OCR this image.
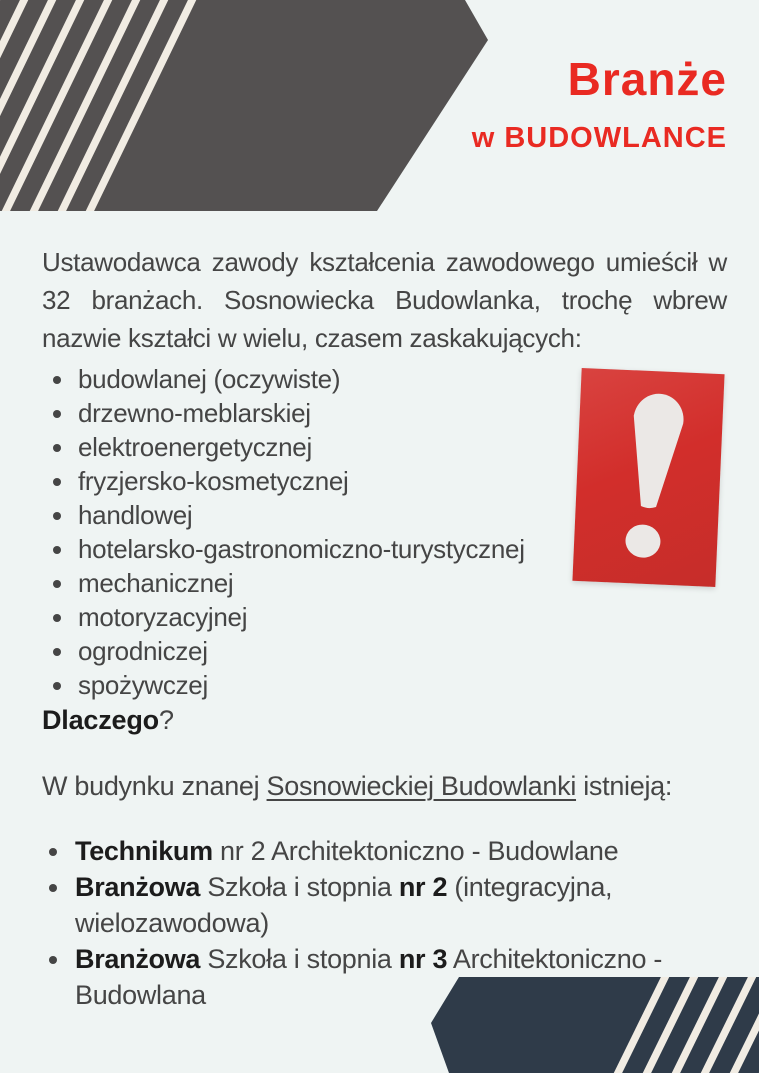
Branże
w BUDOWLANCE

Ustawodawca zawody kształcenia zawodowego umieścił w 32 branżach. Sosnowiecka Budowlanka, trochę wbrew nazwie kształci w wielu, czasem zaskakujących:

• budowlanej (oczywiste)
• drzewno-meblarskiej
• elektroenergetycznej
• fryzjersko-kosmetycznej
• handlowej
• hotelarsko-gastronomiczno-turystycznej
• mechanicznej
• motoryzacyjnej
• ogrodniczej
• spożywczej
Dlaczego?
W budynku znanej Sosnowieckiej Budowlanki istnieją:
• Technikum nr 2 Architektoniczno - Budowlane
• Branżowa Szkoła i stopnia nr 2 (integracyjna, wielozawodowa)
• Branżowa Szkoła i stopnia nr 3 Architektoniczno - Budowlana
